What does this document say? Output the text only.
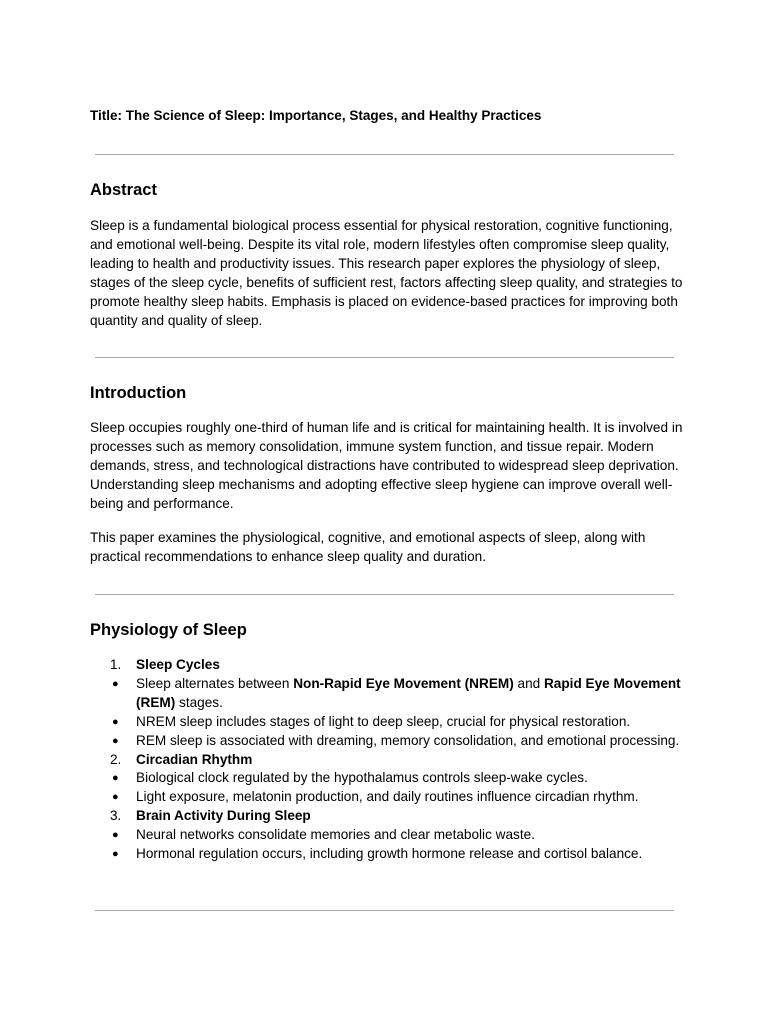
Title: The Science of Sleep: Importance, Stages, and Healthy Practices
Abstract

Sleep is a fundamental biological process essential for physical restoration, cognitive functioning, and emotional well-being. Despite its vital role, modern lifestyles often compromise sleep quality, leading to health and productivity issues. This research paper explores the physiology of sleep, stages of the sleep cycle, benefits of sufficient rest, factors affecting sleep quality, and strategies to promote healthy sleep habits. Emphasis is placed on evidence-based practices for improving both quantity and quality of sleep.

Introduction

Sleep occupies roughly one-third of human life and is critical for maintaining health. It is involved in processes such as memory consolidation, immune system function, and tissue repair. Modern demands, stress, and technological distractions have contributed to widespread sleep deprivation. Understanding sleep mechanisms and adopting effective sleep hygiene can improve overall well-being and performance.

This paper examines the physiological, cognitive, and emotional aspects of sleep, along with practical recommendations to enhance sleep quality and duration.

Physiology of Sleep
1.	Sleep Cycles
●	Sleep alternates between Non-Rapid Eye Movement (NREM) and Rapid Eye Movement (REM) stages.
●	NREM sleep includes stages of light to deep sleep, crucial for physical restoration.
●	REM sleep is associated with dreaming, memory consolidation, and emotional processing.
2.	Circadian Rhythm
●	Biological clock regulated by the hypothalamus controls sleep-wake cycles.
●	Light exposure, melatonin production, and daily routines influence circadian rhythm.
3.	Brain Activity During Sleep
●	Neural networks consolidate memories and clear metabolic waste.
●	Hormonal regulation occurs, including growth hormone release and cortisol balance.
